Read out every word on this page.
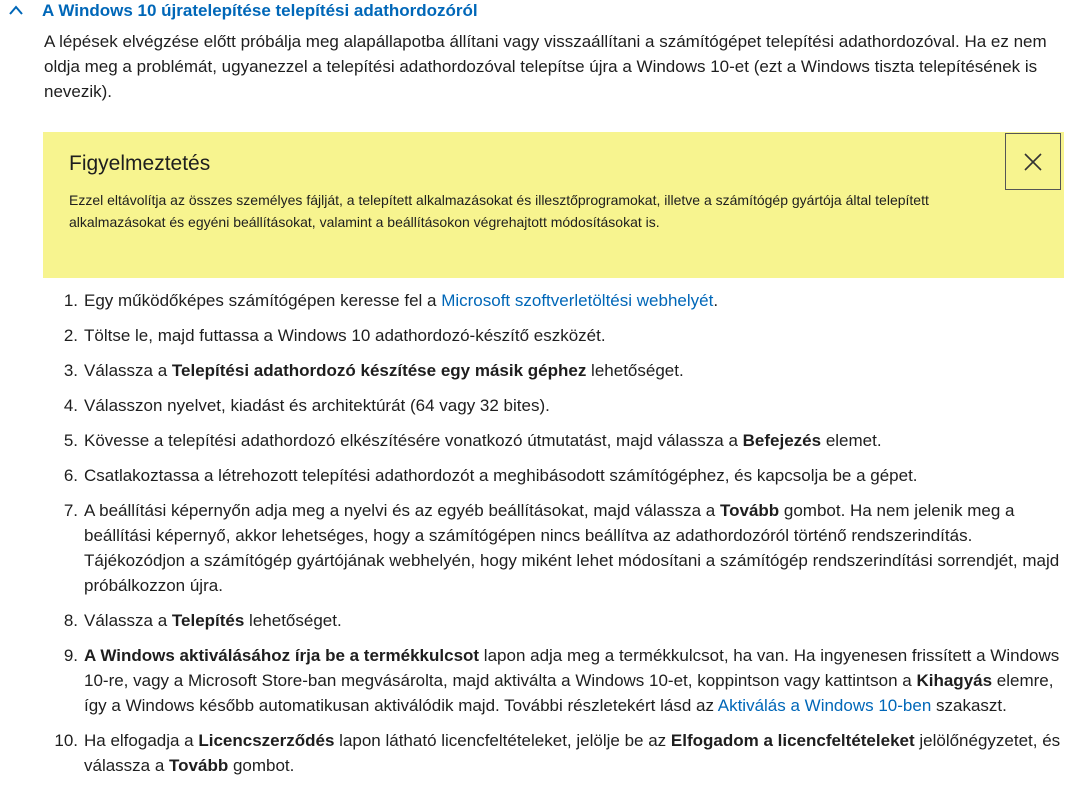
A Windows 10 újratelepítése telepítési adathordozóról

A lépések elvégzése előtt próbálja meg alapállapotba állítani vagy visszaállítani a számítógépet telepítési adathordozóval. Ha ez nem oldja meg a problémát, ugyanezzel a telepítési adathordozóval telepítse újra a Windows 10-et (ezt a Windows tiszta telepítésének is nevezik).

Figyelmeztetés

Ezzel eltávolítja az összes személyes fájlját, a telepített alkalmazásokat és illesztőprogramokat, illetve a számítógép gyártója által telepített alkalmazásokat és egyéni beállításokat, valamint a beállításokon végrehajtott módosításokat is.

1. Egy működőképes számítógépen keresse fel a Microsoft szoftverletöltési webhelyét.
2. Töltse le, majd futtassa a Windows 10 adathordozó-készítő eszközét.
3. Válassza a Telepítési adathordozó készítése egy másik géphez lehetőséget.
4. Válasszon nyelvet, kiadást és architektúrát (64 vagy 32 bites).
5. Kövesse a telepítési adathordozó elkészítésére vonatkozó útmutatást, majd válassza a Befejezés elemet.
6. Csatlakoztassa a létrehozott telepítési adathordozót a meghibásodott számítógéphez, és kapcsolja be a gépet.
7. A beállítási képernyőn adja meg a nyelvi és az egyéb beállításokat, majd válassza a Tovább gombot. Ha nem jelenik meg a beállítási képernyő, akkor lehetséges, hogy a számítógépen nincs beállítva az adathordozóról történő rendszerindítás. Tájékozódjon a számítógép gyártójának webhelyén, hogy miként lehet módosítani a számítógép rendszerindítási sorrendjét, majd próbálkozzon újra.
8. Válassza a Telepítés lehetőséget.
9. A Windows aktiválásához írja be a termékkulcsot lapon adja meg a termékkulcsot, ha van. Ha ingyenesen frissített a Windows 10-re, vagy a Microsoft Store-ban megvásárolta, majd aktiválta a Windows 10-et, koppintson vagy kattintson a Kihagyás elemre, így a Windows később automatikusan aktiválódik majd. További részletekért lásd az Aktiválás a Windows 10-ben szakaszt.
10. Ha elfogadja a Licencszerződés lapon látható licencfeltételeket, jelölje be az Elfogadom a licencfeltételeket jelölőnégyzetet, és válassza a Tovább gombot.
